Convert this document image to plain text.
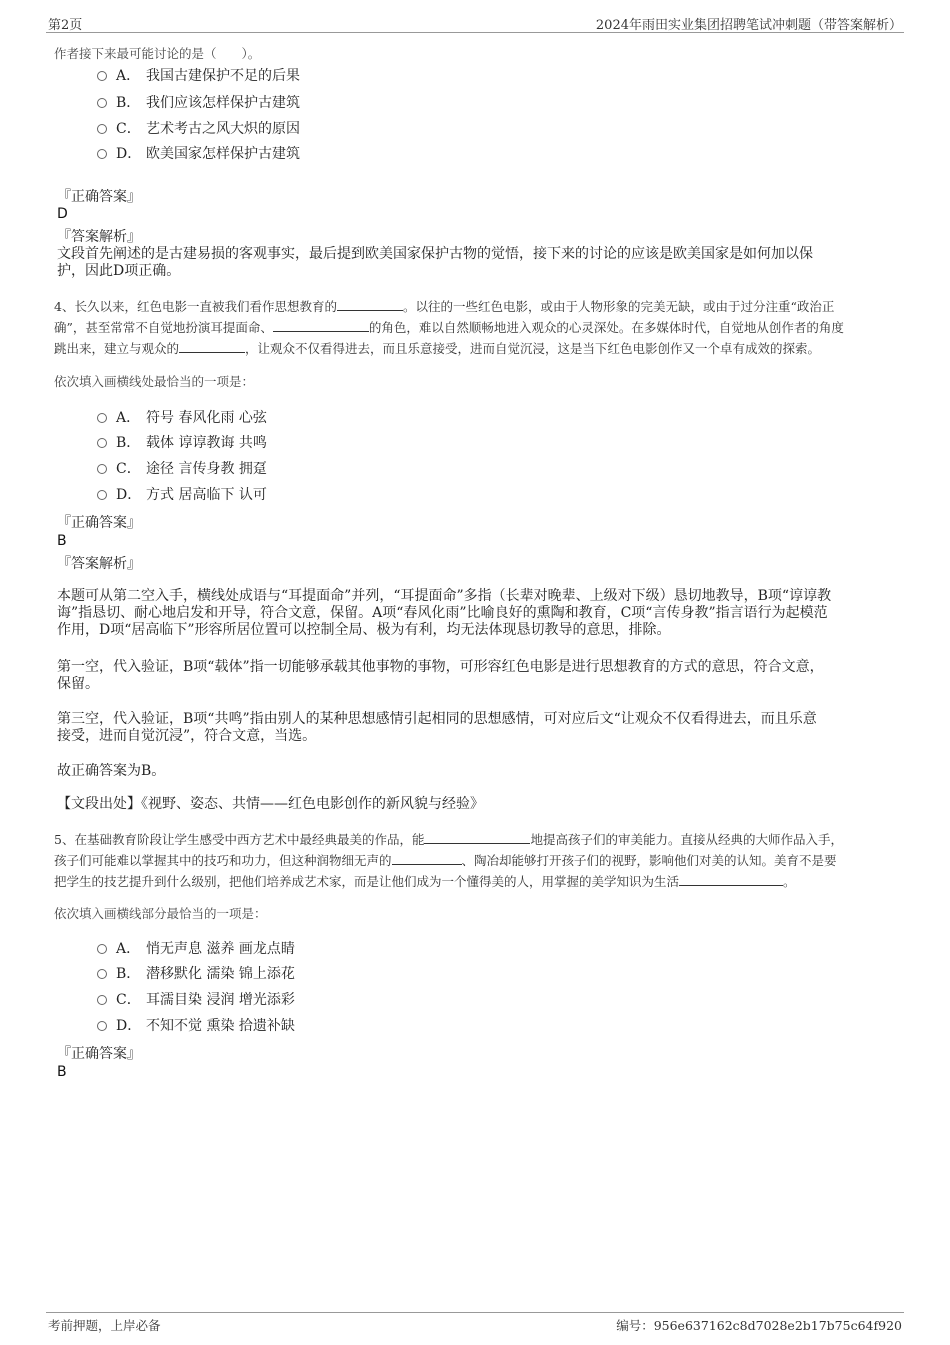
第2页	2024年雨田实业集团招聘笔试冲刺题（带答案解析）
作者接下来最可能讨论的是（　　）。
A． 我国古建保护不足的后果
B． 我们应该怎样保护古建筑
C． 艺术考古之风大炽的原因
D． 欧美国家怎样保护古建筑
『正确答案』
D
『答案解析』
文段首先阐述的是古建易损的客观事实，最后提到欧美国家保护古物的觉悟，接下来的讨论的应该是欧美国家是如何加以保
护，因此D项正确。
4、长久以来，红色电影一直被我们看作思想教育的	。以往的一些红色电影，或由于人物形象的完美无缺，或由于过分注重“政治正
确”，甚至常常不自觉地扮演耳提面命、	的角色，难以自然顺畅地进入观众的心灵深处。在多媒体时代，自觉地从创作者的角度
跳出来，建立与观众的	，让观众不仅看得进去，而且乐意接受，进而自觉沉浸，这是当下红色电影创作又一个卓有成效的探索。
依次填入画横线处最恰当的一项是：
A． 符号 春风化雨 心弦
B． 载体 谆谆教诲 共鸣
C． 途径 言传身教 拥趸
D． 方式 居高临下 认可
『正确答案』
B
『答案解析』
本题可从第二空入手，横线处成语与“耳提面命”并列，“耳提面命”多指（长辈对晚辈、上级对下级）恳切地教导，B项“谆谆教
诲”指恳切、耐心地启发和开导，符合文意，保留。A项“春风化雨”比喻良好的熏陶和教育，C项“言传身教”指言语行为起模范
作用，D项“居高临下”形容所居位置可以控制全局、极为有利，均无法体现恳切教导的意思，排除。
第一空，代入验证，B项“载体”指一切能够承载其他事物的事物，可形容红色电影是进行思想教育的方式的意思，符合文意，
保留。
第三空，代入验证，B项“共鸣”指由别人的某种思想感情引起相同的思想感情，可对应后文“让观众不仅看得进去，而且乐意
接受，进而自觉沉浸”，符合文意，当选。
故正确答案为B。
【文段出处】《视野、姿态、共情——红色电影创作的新风貌与经验》
5、在基础教育阶段让学生感受中西方艺术中最经典最美的作品，能	地提高孩子们的审美能力。直接从经典的大师作品入手，
孩子们可能难以掌握其中的技巧和功力，但这种润物细无声的	、陶冶却能够打开孩子们的视野，影响他们对美的认知。美育不是要
把学生的技艺提升到什么级别，把他们培养成艺术家，而是让他们成为一个懂得美的人，用掌握的美学知识为生活	。
依次填入画横线部分最恰当的一项是：
A． 悄无声息 滋养 画龙点睛
B． 潜移默化 濡染 锦上添花
C． 耳濡目染 浸润 增光添彩
D． 不知不觉 熏染 拾遗补缺
『正确答案』
B
考前押题，上岸必备	编号：956e637162c8d7028e2b17b75c64f920
